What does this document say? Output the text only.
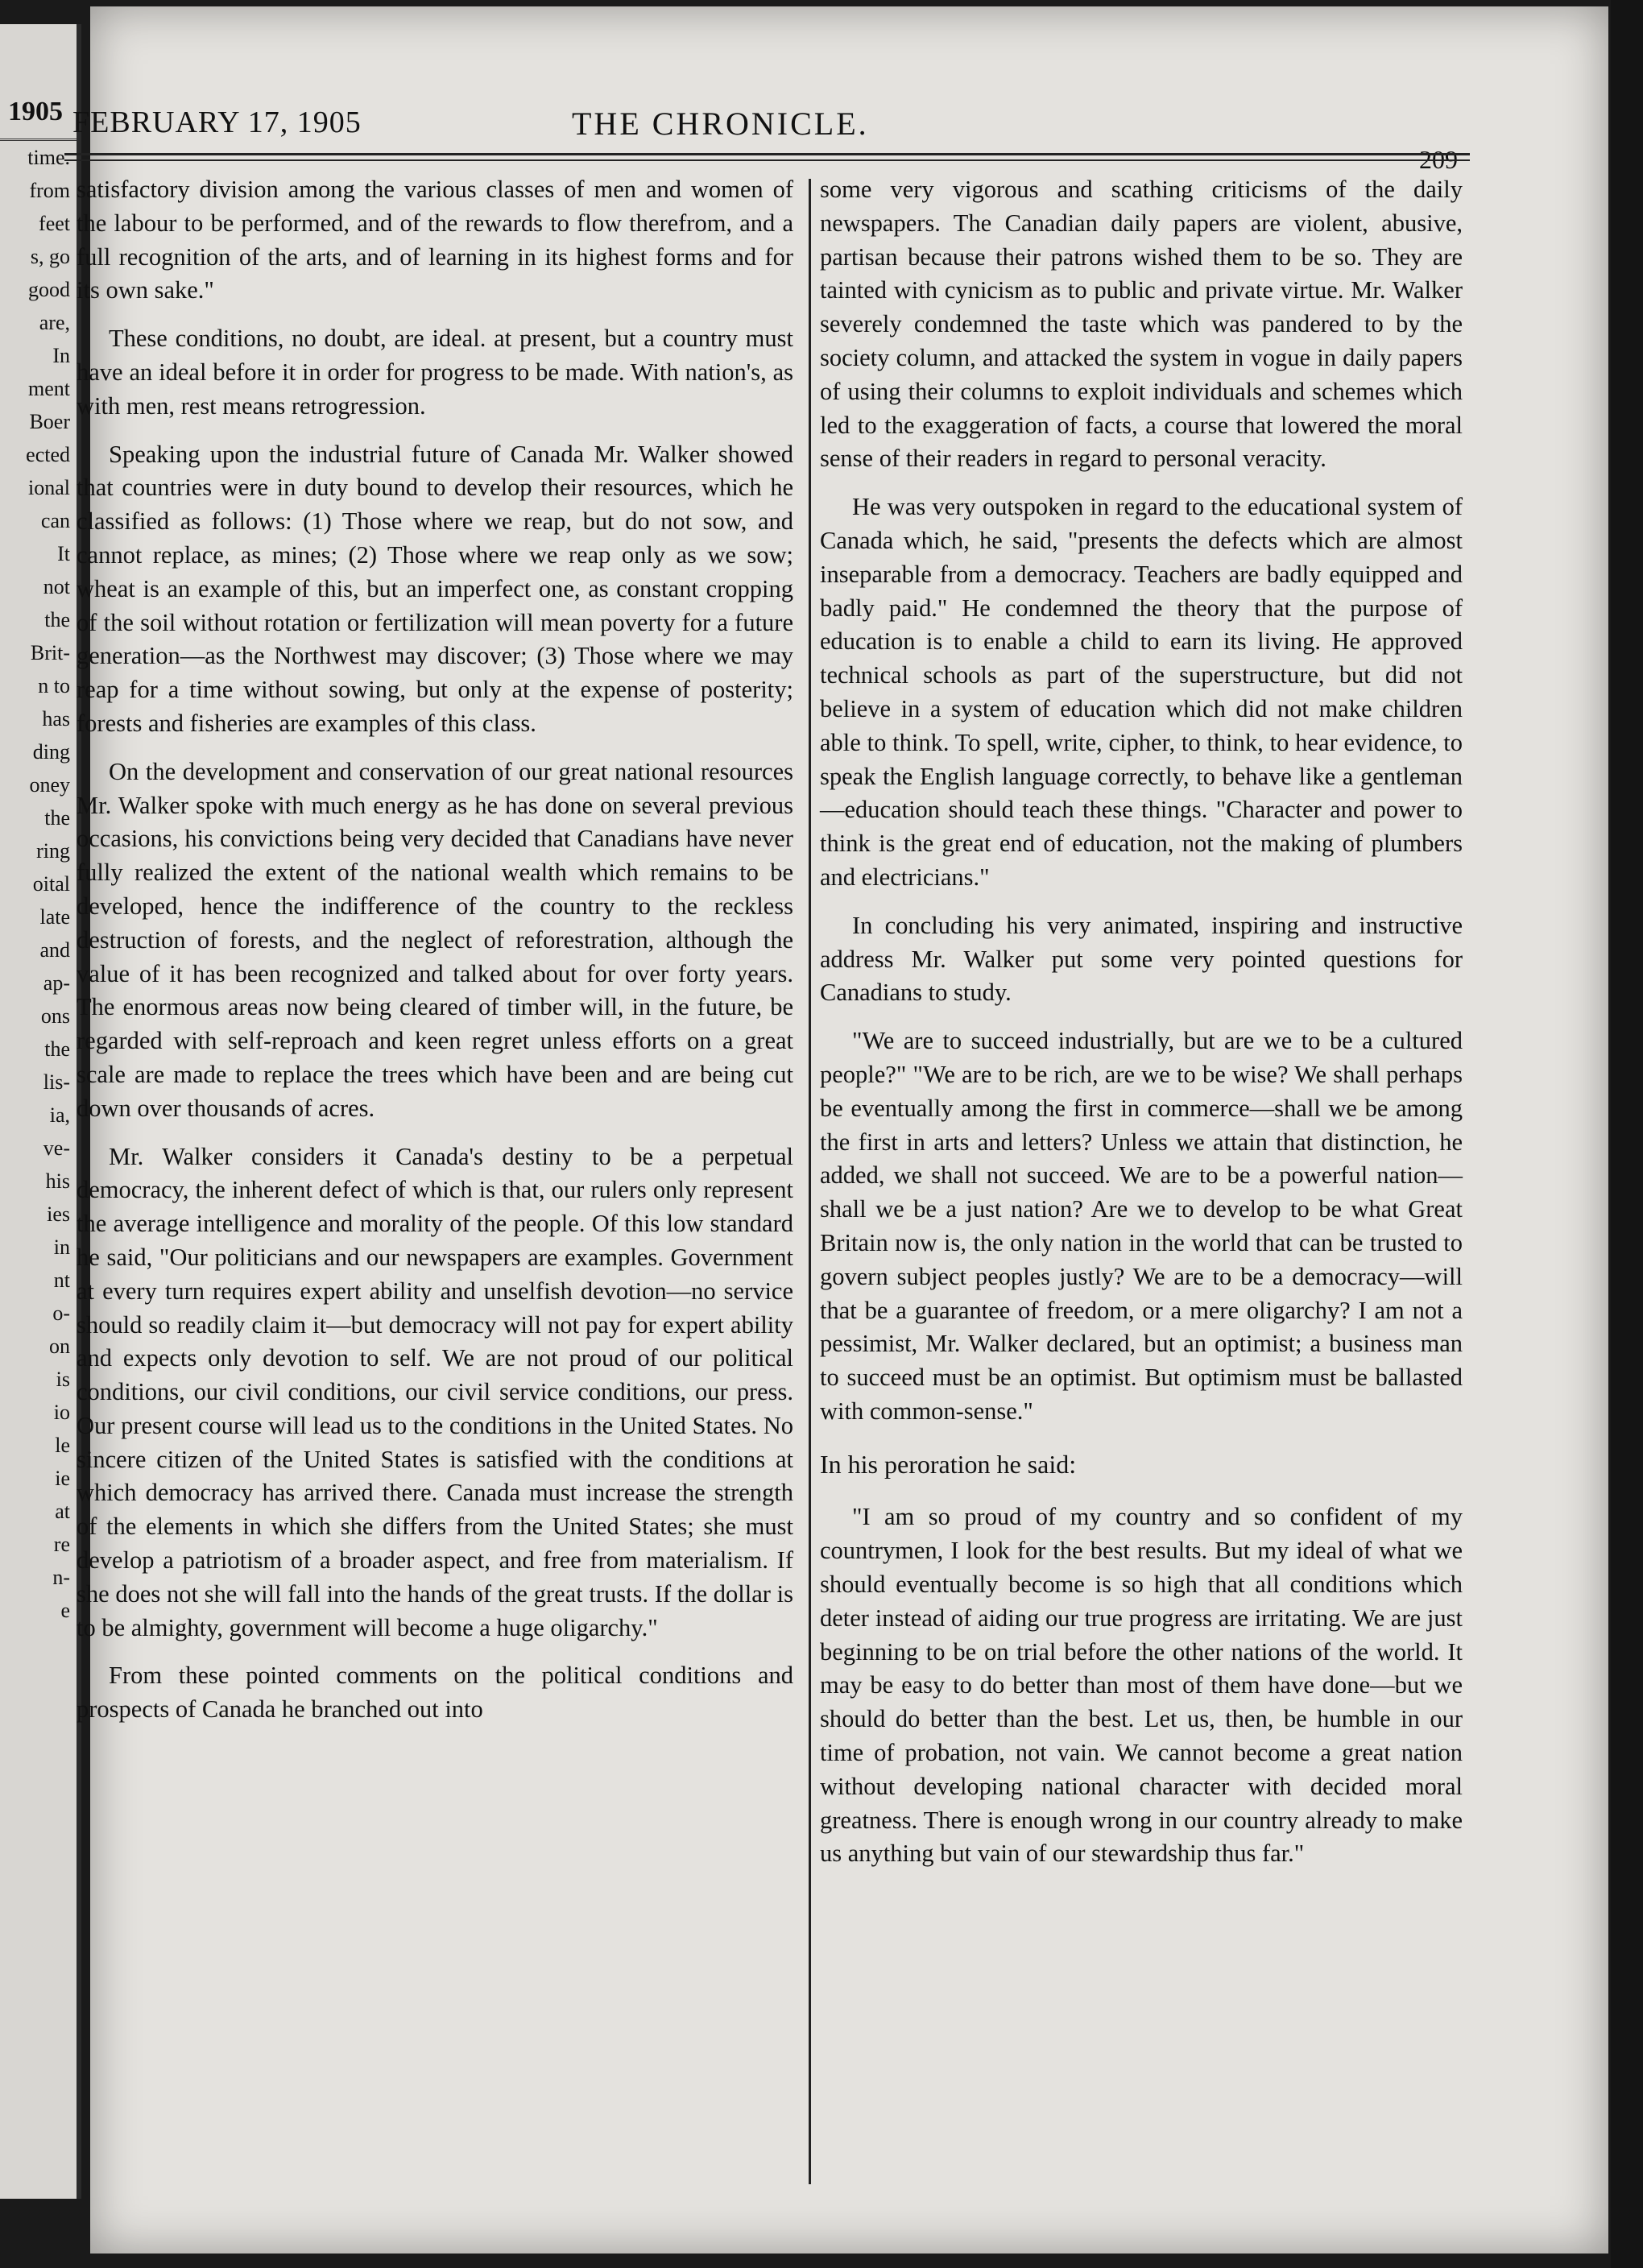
1905
time.
from
feet
s, go
good
are,
In
ment
Boer
ected
ional
can
It
not
the
Brit-
n to
has
ding
oney
the
ring
oital
late
and
ap-
ons
the
lis-
ia,
ve-
his
ies
in
nt
o-
on
is
io
le
ie
at
re
n-
e
FEBRUARY 17, 1905	THE CHRONICLE.
209

satisfactory division among the various classes of men and women of the labour to be performed, and of the rewards to flow therefrom, and a full recognition of the arts, and of learning in its highest forms and for its own sake."

These conditions, no doubt, are ideal. at present, but a country must have an ideal before it in order for progress to be made. With nation's, as with men, rest means retrogression.

Speaking upon the industrial future of Canada Mr. Walker showed that countries were in duty bound to develop their resources, which he classified as follows: (1) Those where we reap, but do not sow, and cannot replace, as mines; (2) Those where we reap only as we sow; wheat is an example of this, but an imperfect one, as constant cropping of the soil without rotation or fertilization will mean poverty for a future generation—as the Northwest may discover; (3) Those where we may reap for a time without sowing, but only at the expense of posterity; forests and fisheries are examples of this class.

On the development and conservation of our great national resources Mr. Walker spoke with much energy as he has done on several previous occasions, his convictions being very decided that Canadians have never fully realized the extent of the national wealth which remains to be developed, hence the indifference of the country to the reckless destruction of forests, and the neglect of reforestration, although the value of it has been recognized and talked about for over forty years. The enormous areas now being cleared of timber will, in the future, be regarded with self-reproach and keen regret unless efforts on a great scale are made to replace the trees which have been and are being cut down over thousands of acres.

Mr. Walker considers it Canada's destiny to be a perpetual democracy, the inherent defect of which is that, our rulers only represent the average intelligence and morality of the people. Of this low standard he said, "Our politicians and our newspapers are examples. Government at every turn requires expert ability and unselfish devotion—no service should so readily claim it—but democracy will not pay for expert ability and expects only devotion to self. We are not proud of our political conditions, our civil conditions, our civil service conditions, our press. Our present course will lead us to the conditions in the United States. No sincere citizen of the United States is satisfied with the conditions at which democracy has arrived there. Canada must increase the strength of the elements in which she differs from the United States; she must develop a patriotism of a broader aspect, and free from materialism. If she does not she will fall into the hands of the great trusts. If the dollar is to be almighty, government will become a huge oligarchy."

From these pointed comments on the political conditions and prospects of Canada he branched out into

some very vigorous and scathing criticisms of the daily newspapers. The Canadian daily papers are violent, abusive, partisan because their patrons wished them to be so. They are tainted with cynicism as to public and private virtue. Mr. Walker severely condemned the taste which was pandered to by the society column, and attacked the system in vogue in daily papers of using their columns to exploit individuals and schemes which led to the exaggeration of facts, a course that lowered the moral sense of their readers in regard to personal veracity.

He was very outspoken in regard to the educational system of Canada which, he said, "presents the defects which are almost inseparable from a democracy. Teachers are badly equipped and badly paid." He condemned the theory that the purpose of education is to enable a child to earn its living. He approved technical schools as part of the superstructure, but did not believe in a system of education which did not make children able to think. To spell, write, cipher, to think, to hear evidence, to speak the English language correctly, to behave like a gentleman—education should teach these things. "Character and power to think is the great end of education, not the making of plumbers and electricians."

In concluding his very animated, inspiring and instructive address Mr. Walker put some very pointed questions for Canadians to study.

"We are to succeed industrially, but are we to be a cultured people?" "We are to be rich, are we to be wise? We shall perhaps be eventually among the first in commerce—shall we be among the first in arts and letters? Unless we attain that distinction, he added, we shall not succeed. We are to be a powerful nation—shall we be a just nation? Are we to develop to be what Great Britain now is, the only nation in the world that can be trusted to govern subject peoples justly? We are to be a democracy—will that be a guarantee of freedom, or a mere oligarchy? I am not a pessimist, Mr. Walker declared, but an optimist; a business man to succeed must be an optimist. But optimism must be ballasted with common-sense."

In his peroration he said:

"I am so proud of my country and so confident of my countrymen, I look for the best results. But my ideal of what we should eventually become is so high that all conditions which deter instead of aiding our true progress are irritating. We are just beginning to be on trial before the other nations of the world. It may be easy to do better than most of them have done—but we should do better than the best. Let us, then, be humble in our time of probation, not vain. We cannot become a great nation without developing national character with decided moral greatness. There is enough wrong in our country already to make us anything but vain of our stewardship thus far."
